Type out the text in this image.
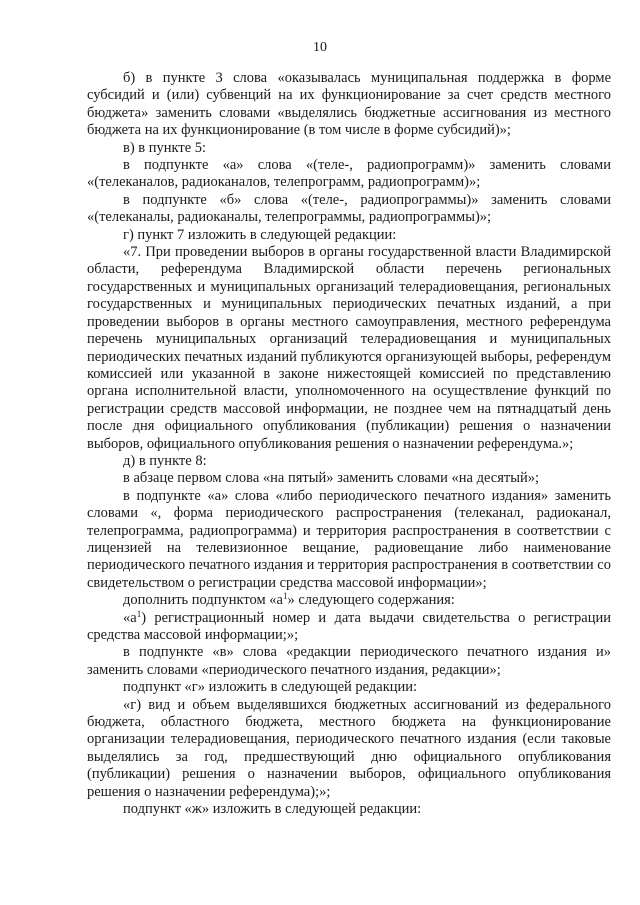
10

б) в пункте 3 слова «оказывалась муниципальная поддержка в форме субсидий и (или) субвенций на их функционирование за счет средств местного бюджета» заменить словами «выделялись бюджетные ассигнования из местного бюджета на их функционирование (в том числе в форме субсидий)»;

в) в пункте 5:

в подпункте «а» слова «(теле-, радиопрограмм)» заменить словами «(телеканалов, радиоканалов, телепрограмм, радиопрограмм)»;

в подпункте «б» слова «(теле-, радиопрограммы)» заменить словами «(телеканалы, радиоканалы, телепрограммы, радиопрограммы)»;

г) пункт 7 изложить в следующей редакции:

«7. При проведении выборов в органы государственной власти Владимирской области, референдума Владимирской области перечень региональных государственных и муниципальных организаций телерадиовещания, региональных государственных и муниципальных периодических печатных изданий, а при проведении выборов в органы местного самоуправления, местного референдума перечень муниципальных организаций телерадиовещания и муниципальных периодических печатных изданий публикуются организующей выборы, референдум комиссией или указанной в законе нижестоящей комиссией по представлению органа исполнительной власти, уполномоченного на осуществление функций по регистрации средств массовой информации, не позднее чем на пятнадцатый день после дня официального опубликования (публикации) решения о назначении выборов, официального опубликования решения о назначении референдума.»;

д) в пункте 8:

в абзаце первом слова «на пятый» заменить словами «на десятый»;

в подпункте «а» слова «либо периодического печатного издания» заменить словами «, форма периодического распространения (телеканал, радиоканал, телепрограмма, радиопрограмма) и территория распространения в соответствии с лицензией на телевизионное вещание, радиовещание либо наименование периодического печатного издания и территория распространения в соответствии со свидетельством о регистрации средства массовой информации»;

дополнить подпунктом «$а^1$» следующего содержания:

«$а^1$) регистрационный номер и дата выдачи свидетельства о регистрации средства массовой информации;»;

в подпункте «в» слова «редакции периодического печатного издания и» заменить словами «периодического печатного издания, редакции»;

подпункт «г» изложить в следующей редакции:

«г) вид и объем выделявшихся бюджетных ассигнований из федерального бюджета, областного бюджета, местного бюджета на функционирование организации телерадиовещания, периодического печатного издания (если таковые выделялись за год, предшествующий дню официального опубликования (публикации) решения о назначении выборов, официального опубликования решения о назначении референдума);»;

подпункт «ж» изложить в следующей редакции:
